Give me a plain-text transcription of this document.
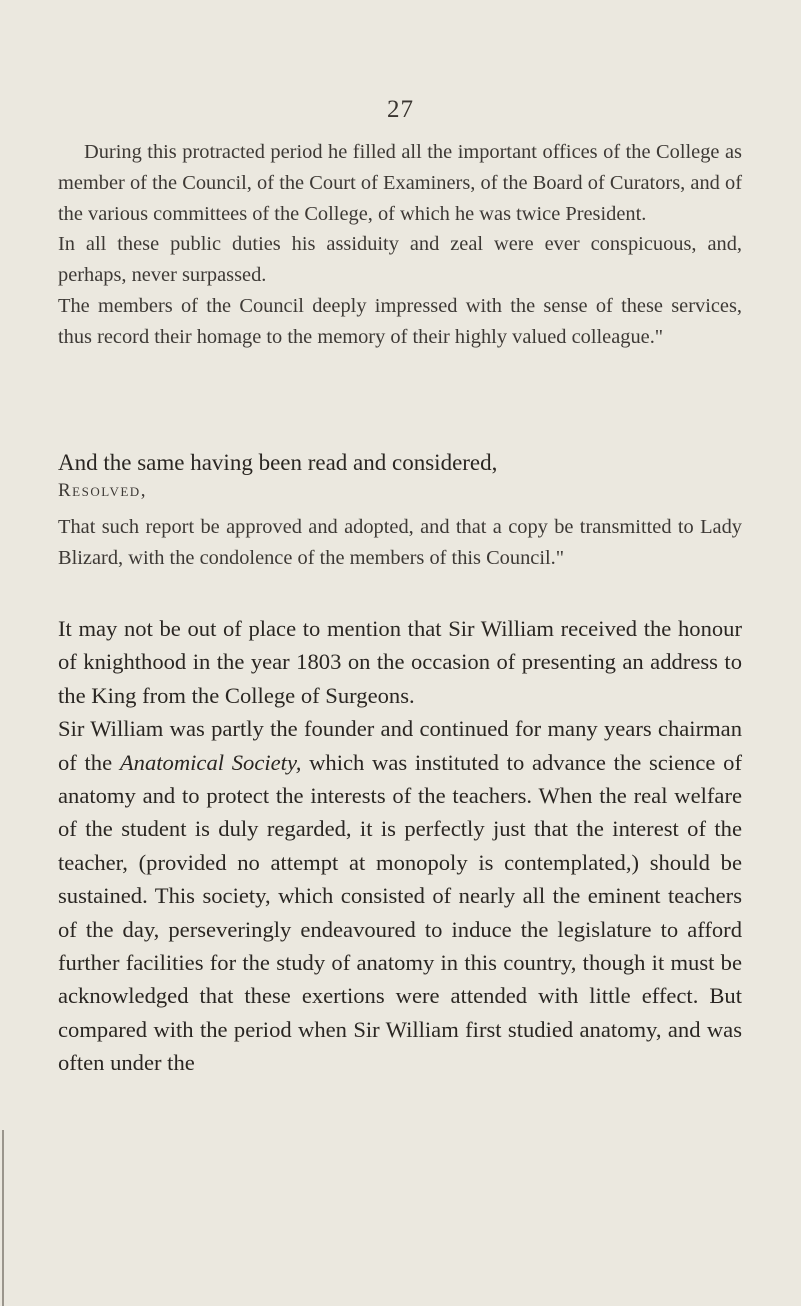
27

During this protracted period he filled all the important offices of the College as member of the Council, of the Court of Examiners, of the Board of Curators, and of the various committees of the College, of which he was twice President.

In all these public duties his assiduity and zeal were ever conspicuous, and, perhaps, never surpassed.

The members of the Council deeply impressed with the sense of these services, thus record their homage to the memory of their highly valued colleague."

And the same having been read and considered,
Resolved,

That such report be approved and adopted, and that a copy be transmitted to Lady Blizard, with the condolence of the members of this Council."

It may not be out of place to mention that Sir William received the honour of knighthood in the year 1803 on the occasion of presenting an address to the King from the College of Surgeons.

Sir William was partly the founder and continued for many years chairman of the Anatomical Society, which was instituted to advance the science of anatomy and to protect the interests of the teachers. When the real welfare of the student is duly regarded, it is perfectly just that the interest of the teacher, (provided no attempt at monopoly is contemplated,) should be sustained. This society, which consisted of nearly all the eminent teachers of the day, perseveringly endeavoured to induce the legislature to afford further facilities for the study of anatomy in this country, though it must be acknowledged that these exertions were attended with little effect. But compared with the period when Sir William first studied anatomy, and was often under the
